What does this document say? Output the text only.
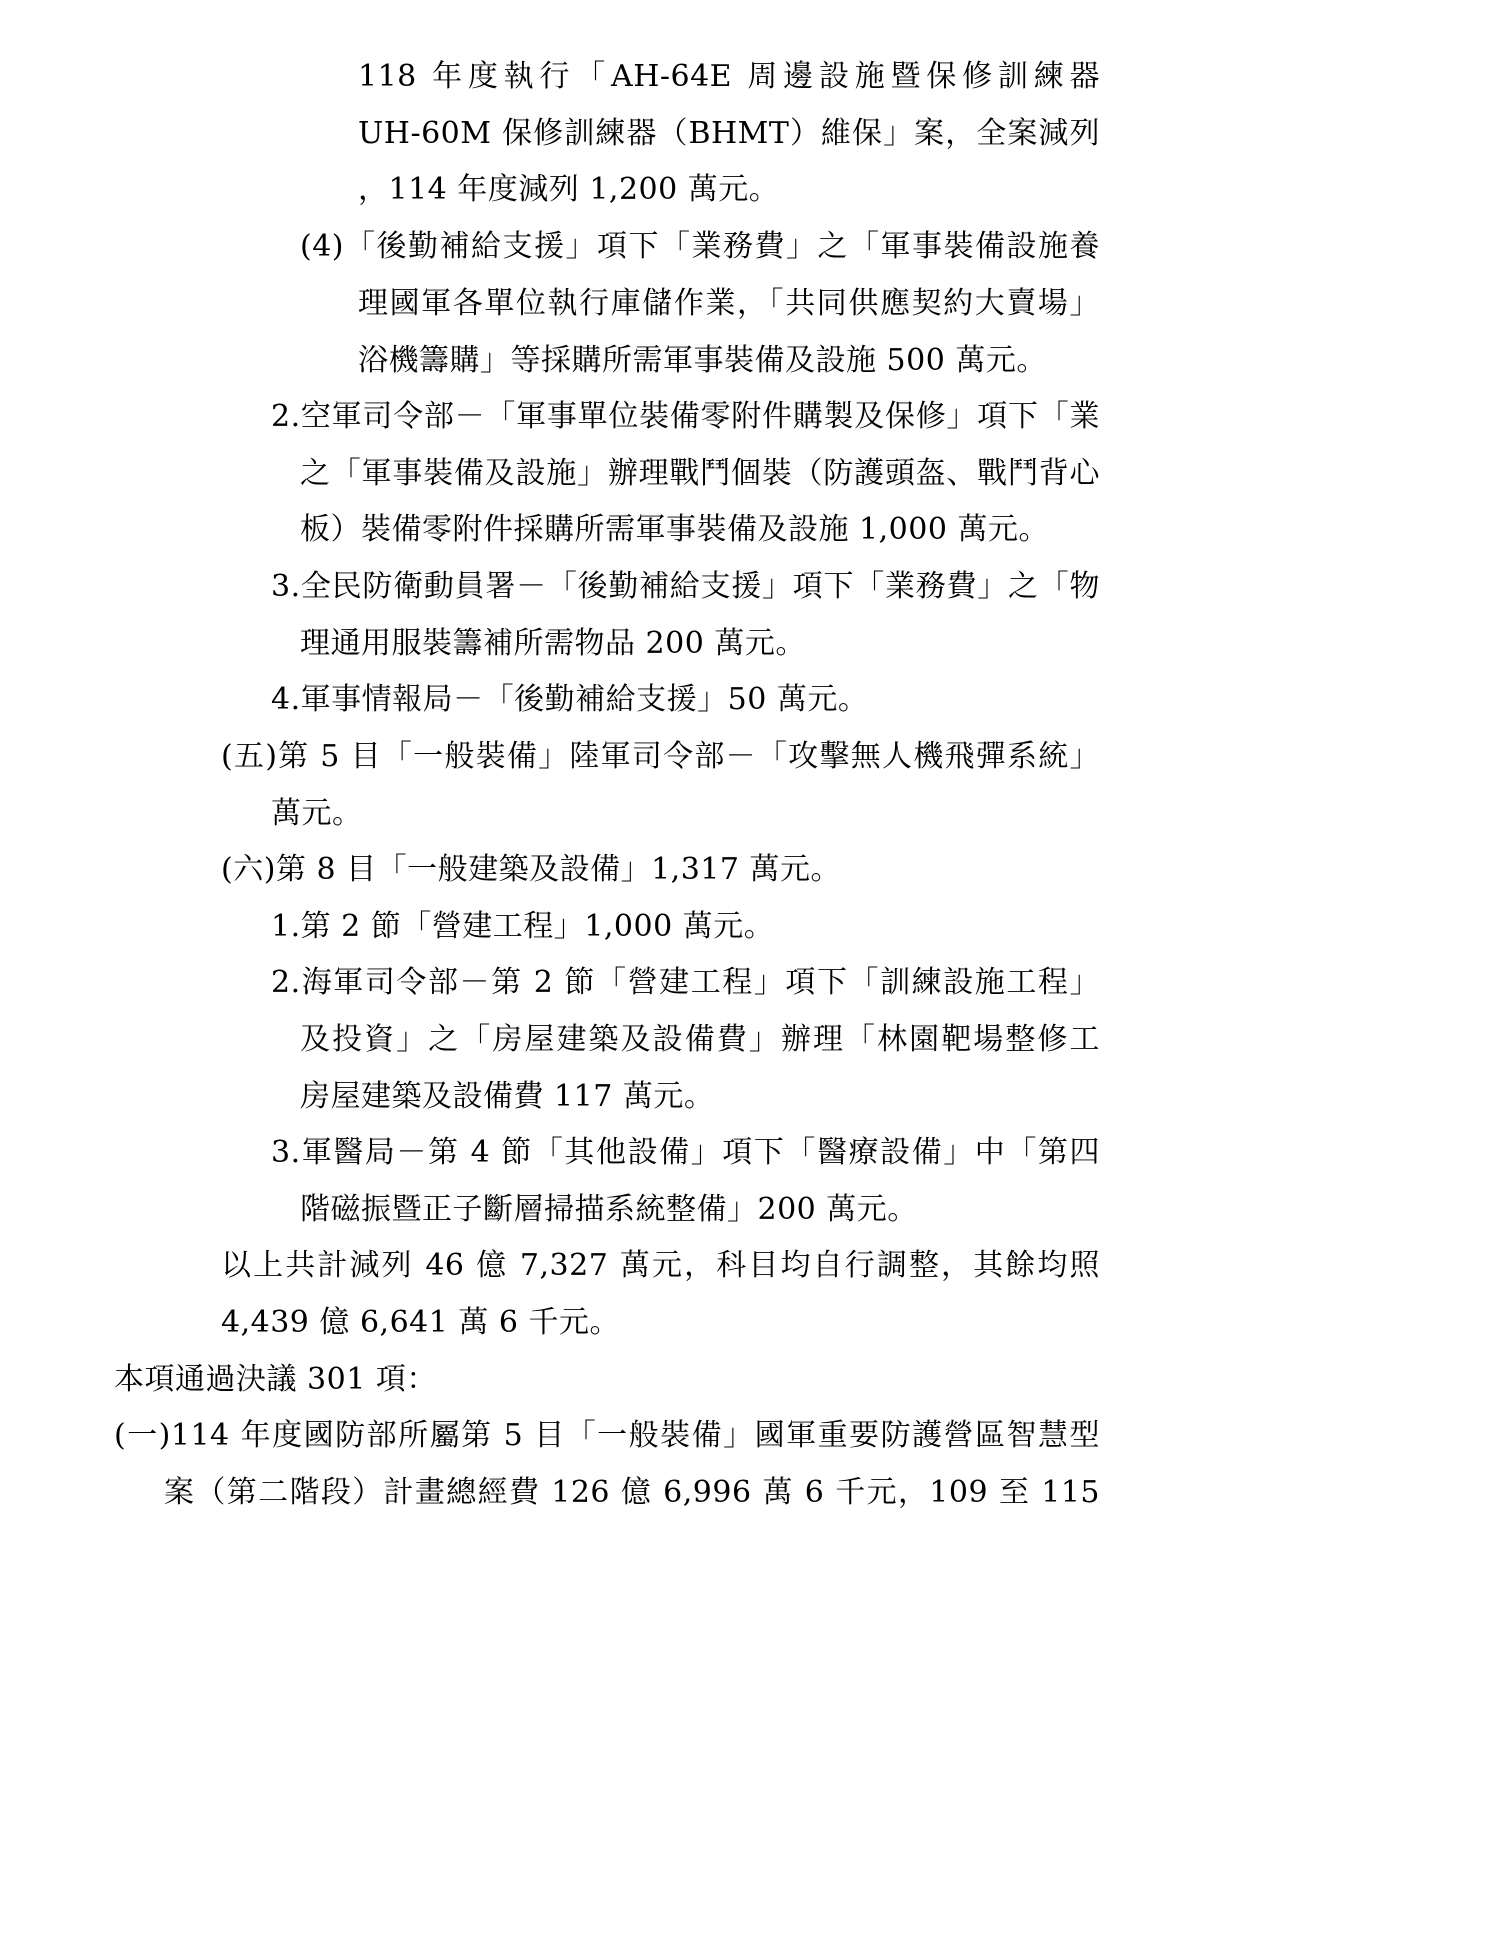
118 年度執行「AH-64E 周邊設施暨保修訓練器
UH-60M 保修訓練器（BHMT）維保」案，全案減列
，114 年度減列 1,200 萬元。
(4)「後勤補給支援」項下「業務費」之「軍事裝備設施養
理國軍各單位執行庫儲作業，「共同供應契約大賣場」
浴機籌購」等採購所需軍事裝備及設施 500 萬元。
2.空軍司令部－「軍事單位裝備零附件購製及保修」項下「業
之「軍事裝備及設施」辦理戰鬥個裝（防護頭盔、戰鬥背心
板）裝備零附件採購所需軍事裝備及設施 1,000 萬元。
3.全民防衛動員署－「後勤補給支援」項下「業務費」之「物
理通用服裝籌補所需物品 200 萬元。
4.軍事情報局－「後勤補給支援」50 萬元。
(五)第 5 目「一般裝備」陸軍司令部－「攻擊無人機飛彈系統」
萬元。
(六)第 8 目「一般建築及設備」1,317 萬元。
1.第 2 節「營建工程」1,000 萬元。
2.海軍司令部－第 2 節「營建工程」項下「訓練設施工程」
及投資」之「房屋建築及設備費」辦理「林園靶場整修工
房屋建築及設備費 117 萬元。
3.軍醫局－第 4 節「其他設備」項下「醫療設備」中「第四
階磁振暨正子斷層掃描系統整備」200 萬元。
以上共計減列 46 億 7,327 萬元，科目均自行調整，其餘均照
4,439 億 6,641 萬 6 千元。
本項通過決議 301 項：
(一)114 年度國防部所屬第 5 目「一般裝備」國軍重要防護營區智慧型
案（第二階段）計畫總經費 126 億 6,996 萬 6 千元，109 至 115
